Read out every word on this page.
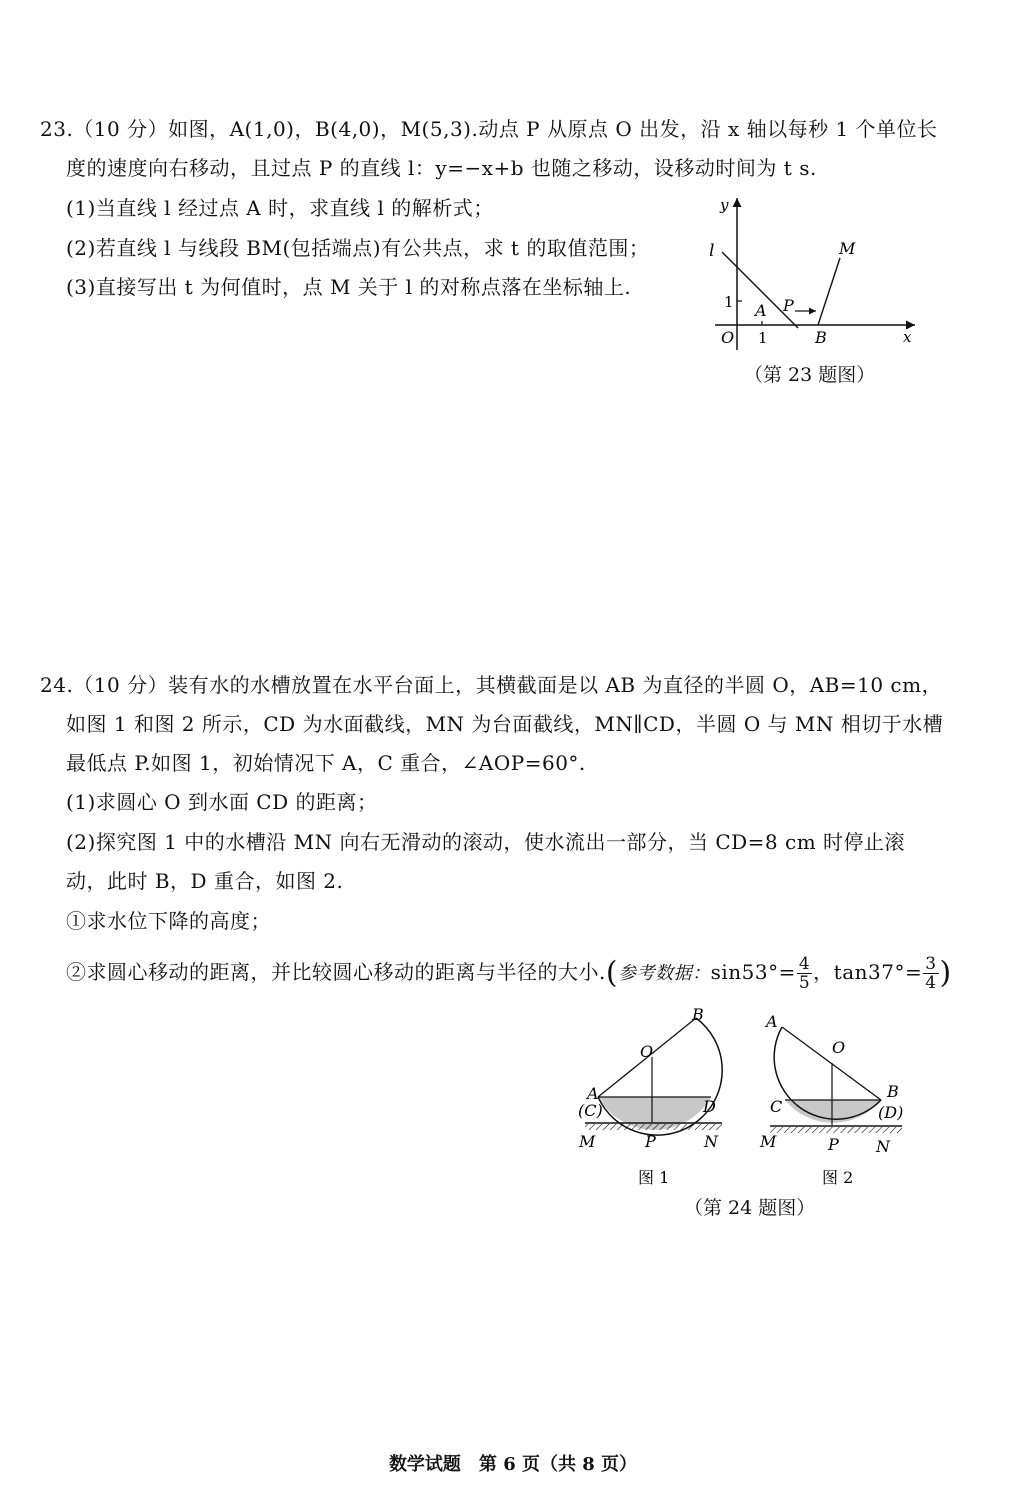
23.（10 分）如图，A(1,0)，B(4,0)，M(5,3).动点 P 从原点 O 出发，沿 x 轴以每秒 1 个单位长
度的速度向右移动，且过点 P 的直线 l：y=−x+b 也随之移动，设移动时间为 t s.
(1)当直线 l 经过点 A 时，求直线 l 的解析式；
(2)若直线 l 与线段 BM(包括端点)有公共点，求 t 的取值范围；
(3)直接写出 t 为何值时，点 M 关于 l 的对称点落在坐标轴上.
y
l	M
1 A P
O 1	B	x
（第 23 题图）
24.（10 分）装有水的水槽放置在水平台面上，其横截面是以 AB 为直径的半圆 O，AB=10 cm，
如图 1 和图 2 所示，CD 为水面截线，MN 为台面截线，MN∥CD，半圆 O 与 MN 相切于水槽
最低点 P.如图 1，初始情况下 A，C 重合，∠AOP=60°.
(1)求圆心 O 到水面 CD 的距离；
(2)探究图 1 中的水槽沿 MN 向右无滑动的滚动，使水流出一部分，当 CD=8 cm 时停止滚
动，此时 B，D 重合，如图 2.
①求水位下降的高度；
②求圆心移动的距离，并比较圆心移动的距离与半径的大小.(参考数据：$\sin 53^\circ= \frac{4}{5}$ ，$\tan 37^\circ= \frac{3}{4}$ )
B
O
A
(C)	D
M	P	N
图 1
A
O
B
(D)
C
M	P N
图 2
（第 24 题图）
数学试题　第 6 页（共 8 页）
